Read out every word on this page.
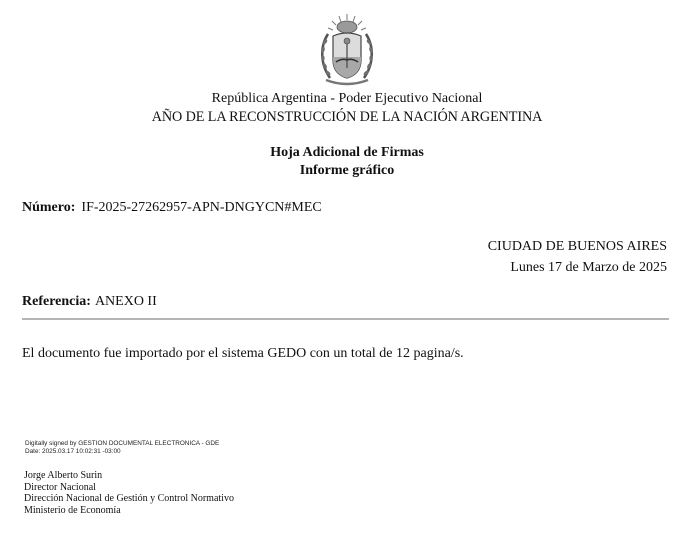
República Argentina - Poder Ejecutivo Nacional
AÑO DE LA RECONSTRUCCIÓN DE LA NACIÓN ARGENTINA
Hoja Adicional de Firmas
Informe gráfico
Número: IF-2025-27262957-APN-DNGYCN#MEC
CIUDAD DE BUENOS AIRES
Lunes 17 de Marzo de 2025
Referencia: ANEXO II
El documento fue importado por el sistema GEDO con un total de 12 pagina/s.
Digitally signed by GESTION DOCUMENTAL ELECTRONICA - GDE
Date: 2025.03.17 10:02:31 -03:00
Jorge Alberto Surin
Director Nacional
Dirección Nacional de Gestión y Control Normativo
Ministerio de Economía
